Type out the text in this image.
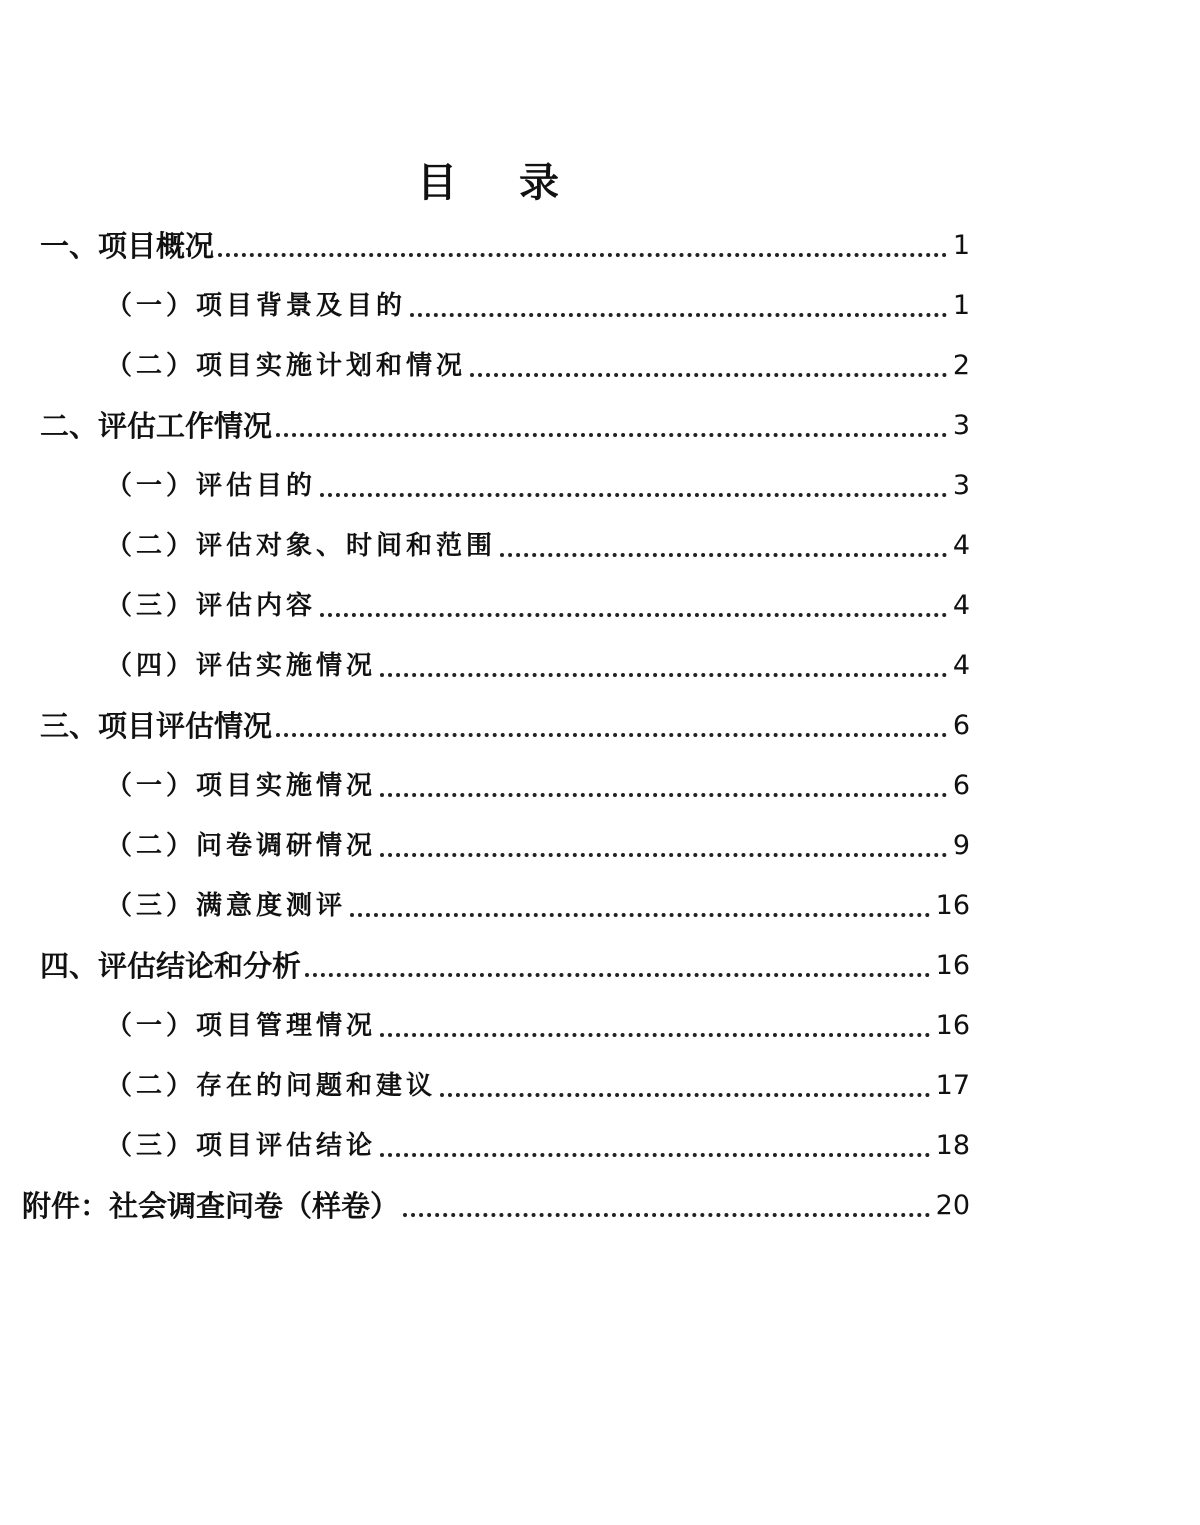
目 录
一、项目概况	1
（一）项目背景及目的	1
（二）项目实施计划和情况	2
二、评估工作情况	3
（一）评估目的	3
（二）评估对象、时间和范围	4
（三）评估内容	4
（四）评估实施情况	4
三、项目评估情况	6
（一）项目实施情况	6
（二）问卷调研情况	9
（三）满意度测评	16
四、评估结论和分析	16
（一）项目管理情况	16
（二）存在的问题和建议	17
（三）项目评估结论	18
附件：社会调查问卷（样卷）	20
